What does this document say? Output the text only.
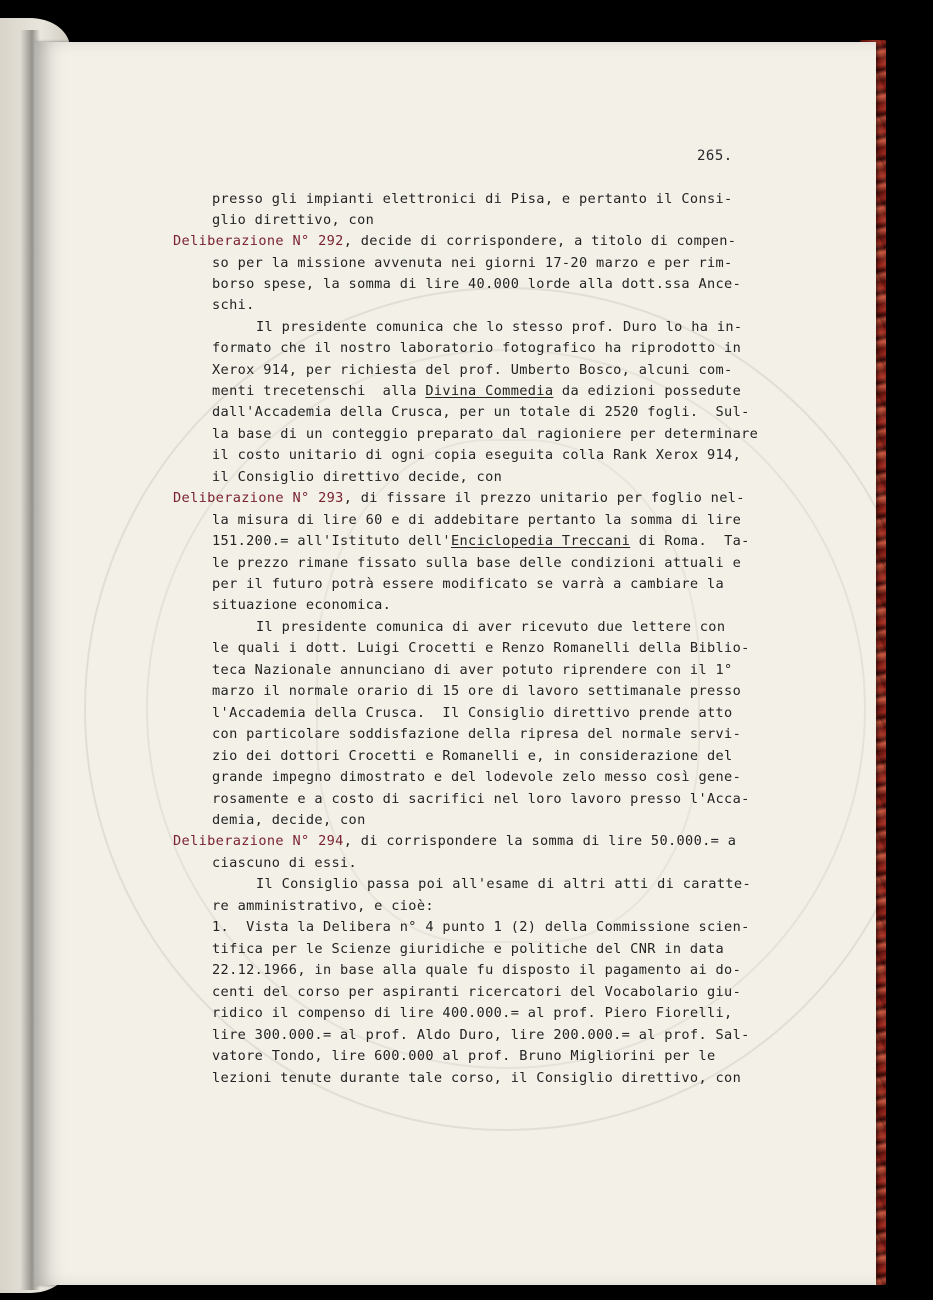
265.
presso gli impianti elettronici di Pisa, e pertanto il Consi-
glio direttivo, con
Deliberazione N° 292, decide di corrispondere, a titolo di compen-
so per la missione avvenuta nei giorni 17-20 marzo e per rim-
borso spese, la somma di lire 40.000 lorde alla dott.ssa Ance-
schi.
Il presidente comunica che lo stesso prof. Duro lo ha in-
formato che il nostro laboratorio fotografico ha riprodotto in
Xerox 914, per richiesta del prof. Umberto Bosco, alcuni com-
menti trecetenschi  alla Divina Commedia da edizioni possedute
dall'Accademia della Crusca, per un totale di 2520 fogli.  Sul-
la base di un conteggio preparato dal ragioniere per determinare
il costo unitario di ogni copia eseguita colla Rank Xerox 914,
il Consiglio direttivo decide, con
Deliberazione N° 293, di fissare il prezzo unitario per foglio nel-
la misura di lire 60 e di addebitare pertanto la somma di lire
151.200.= all'Istituto dell'Enciclopedia Treccani di Roma.  Ta-
le prezzo rimane fissato sulla base delle condizioni attuali e
per il futuro potrà essere modificato se varrà a cambiare la
situazione economica.
Il presidente comunica di aver ricevuto due lettere con
le quali i dott. Luigi Crocetti e Renzo Romanelli della Biblio-
teca Nazionale annunciano di aver potuto riprendere con il 1°
marzo il normale orario di 15 ore di lavoro settimanale presso
l'Accademia della Crusca.  Il Consiglio direttivo prende atto
con particolare soddisfazione della ripresa del normale servi-
zio dei dottori Crocetti e Romanelli e, in considerazione del
grande impegno dimostrato e del lodevole zelo messo così gene-
rosamente e a costo di sacrifici nel loro lavoro presso l'Acca-
demia, decide, con
Deliberazione N° 294, di corrispondere la somma di lire 50.000.= a
ciascuno di essi.
Il Consiglio passa poi all'esame di altri atti di caratte-
re amministrativo, e cioè:
1.  Vista la Delibera n° 4 punto 1 (2) della Commissione scien-
tifica per le Scienze giuridiche e politiche del CNR in data
22.12.1966, in base alla quale fu disposto il pagamento ai do-
centi del corso per aspiranti ricercatori del Vocabolario giu-
ridico il compenso di lire 400.000.= al prof. Piero Fiorelli,
lire 300.000.= al prof. Aldo Duro, lire 200.000.= al prof. Sal-
vatore Tondo, lire 600.000 al prof. Bruno Migliorini per le
lezioni tenute durante tale corso, il Consiglio direttivo, con
